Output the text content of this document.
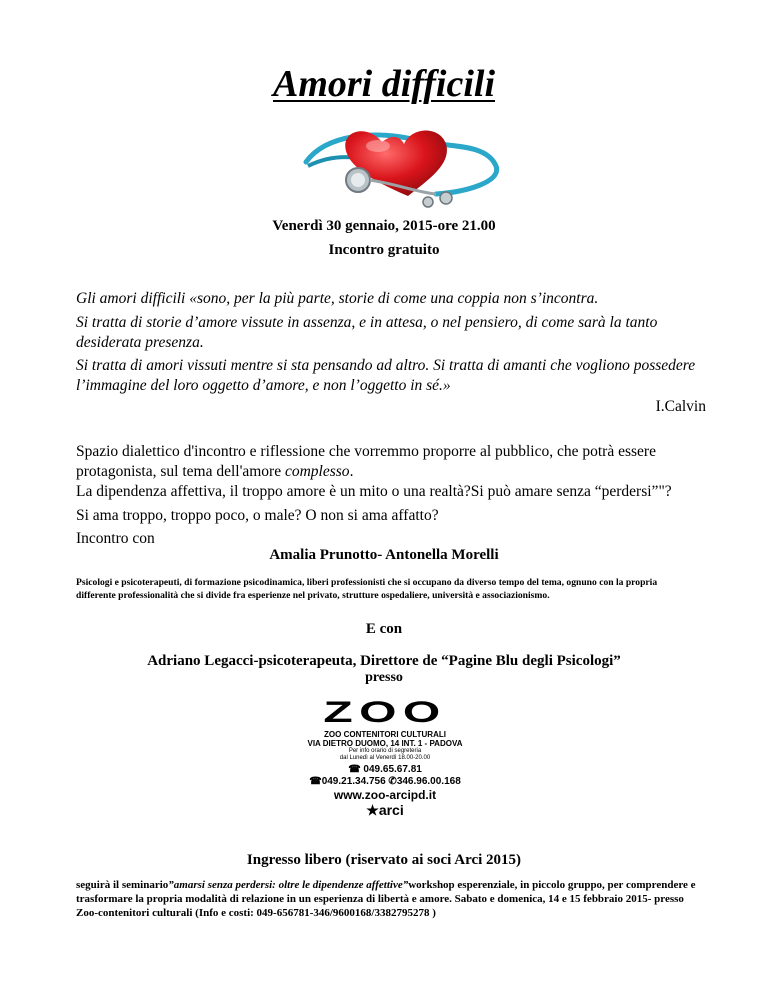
Amori difficili
Venerdì 30 gennaio, 2015-ore 21.00
Incontro gratuito
Gli amori difficili «sono, per la più parte, storie di come una coppia non s’incontra.
Si tratta di storie d’amore vissute in assenza, e in attesa, o nel pensiero, di come sarà la tanto desiderata presenza.
Si tratta di amori vissuti mentre si sta pensando ad altro. Si tratta di amanti che vogliono possedere l’immagine del loro oggetto d’amore, e non l’oggetto in sé.»
I.Calvin
Spazio dialettico d'incontro e riflessione che vorremmo proporre al pubblico, che potrà essere protagonista, sul tema dell'amore complesso.
La dipendenza affettiva, il troppo amore è un mito o una realtà?Si può amare senza “perdersi”"?
Si ama troppo, troppo poco, o male? O non si ama affatto?
Incontro con
Amalia Prunotto- Antonella Morelli
Psicologi e psicoterapeuti, di formazione psicodinamica, liberi professionisti che si occupano da diverso tempo del tema, ognuno con la propria differente professionalità che si divide fra esperienze nel privato, strutture ospedaliere, università e associazionismo.
E con
Adriano Legacci-psicoterapeuta, Direttore de “Pagine Blu degli Psicologi”
presso
ZOO
ZOO CONTENITORI CULTURALI
VIA DIETRO DUOMO, 14 INT. 1 - PADOVA
Per info orario di segreteria
dal Lunedì al Venerdì 18.00-20.00
☎ 049.65.67.81
☎049.21.34.756 ✆346.96.00.168
www.zoo-arcipd.it
★arci
Ingresso libero (riservato ai soci Arci 2015)
seguirà il seminario”amarsi senza perdersi: oltre le dipendenze affettive”workshop esperenziale, in piccolo gruppo, per comprendere e trasformare la propria modalità di relazione in un esperienza di libertà e amore. Sabato e domenica, 14 e 15 febbraio 2015- presso Zoo-contenitori culturali (Info e costi: 049-656781-346/9600168/3382795278 )
